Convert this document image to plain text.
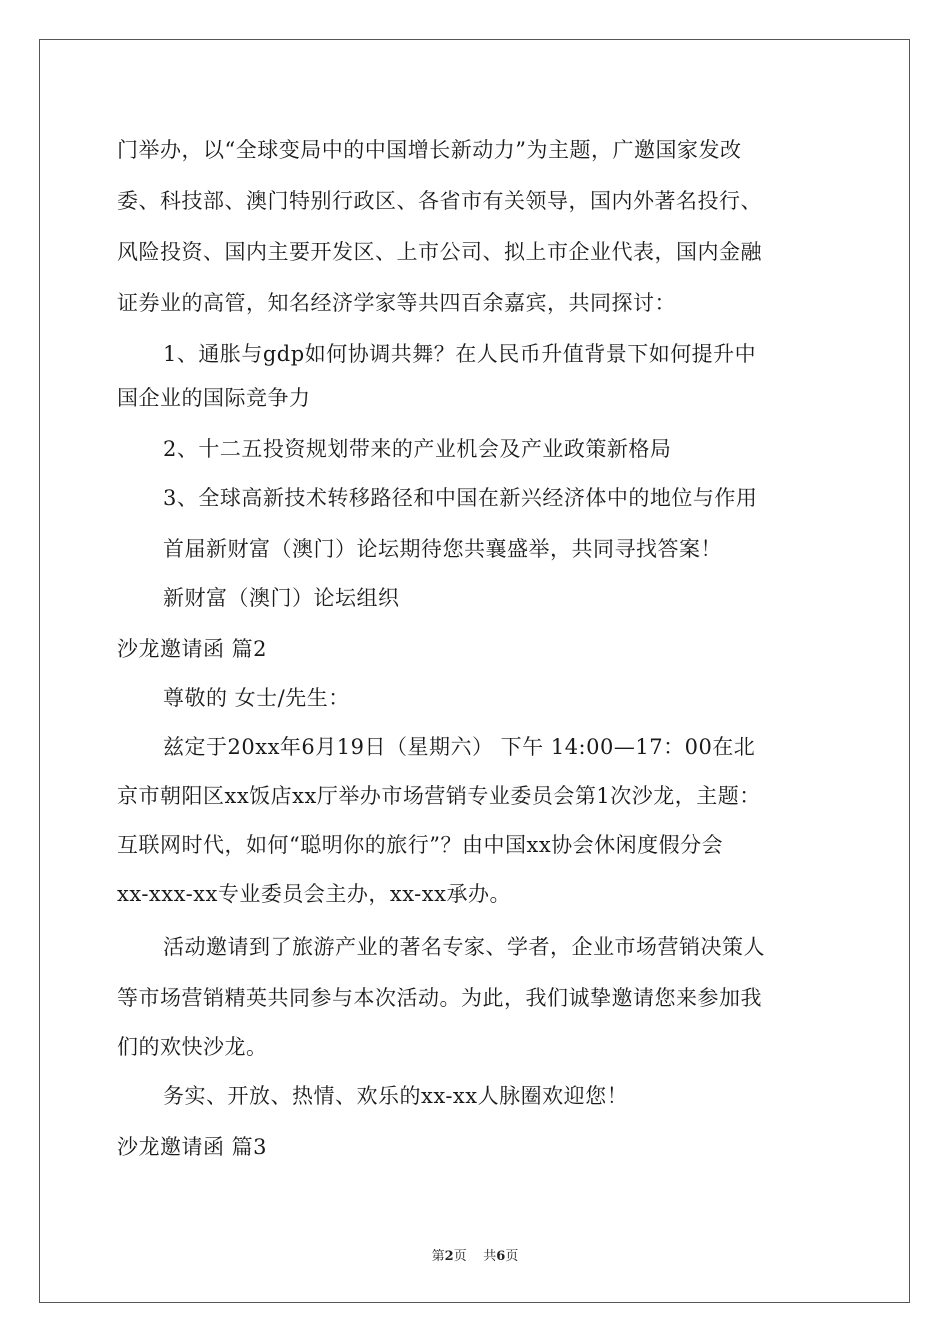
门举办，以“全球变局中的中国增长新动力”为主题，广邀国家发改
委、科技部、澳门特别行政区、各省市有关领导，国内外著名投行、
风险投资、国内主要开发区、上市公司、拟上市企业代表，国内金融
证券业的高管，知名经济学家等共四百余嘉宾，共同探讨：
1、通胀与gdp如何协调共舞？在人民币升值背景下如何提升中
国企业的国际竞争力
2、十二五投资规划带来的产业机会及产业政策新格局
3、全球高新技术转移路径和中国在新兴经济体中的地位与作用
首届新财富（澳门）论坛期待您共襄盛举，共同寻找答案！
新财富（澳门）论坛组织
沙龙邀请函 篇2
尊敬的 女士/先生：
兹定于20xx年6月19日（星期六） 下午 14:00—17：00在北
京市朝阳区xx饭店xx厅举办市场营销专业委员会第1次沙龙，主题：
互联网时代，如何“聪明你的旅行”？由中国xx协会休闲度假分会
xx-xxx-xx专业委员会主办，xx-xx承办。
活动邀请到了旅游产业的著名专家、学者，企业市场营销决策人
等市场营销精英共同参与本次活动。为此，我们诚挚邀请您来参加我
们的欢快沙龙。
务实、开放、热情、欢乐的xx-xx人脉圈欢迎您！
沙龙邀请函 篇3
第2页 共6页
